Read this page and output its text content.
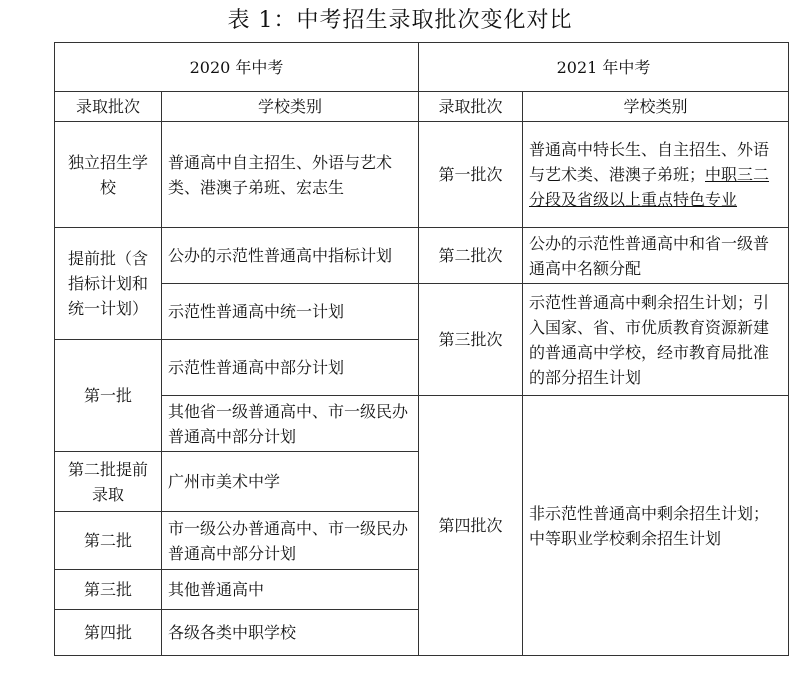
表 1：中考招生录取批次变化对比
2020 年中考		2021 年中考	
录取批次	学校类别	录取批次	学校类别
独立招生学校	普通高中自主招生、外语与艺术类、港澳子弟班、宏志生	第一批次	普通高中特长生、自主招生、外语与艺术类、港澳子弟班；中职三二分段及省级以上重点特色专业
提前批（含指标计划和统一计划）	公办的示范性普通高中指标计划	第二批次	公办的示范性普通高中和省一级普通高中名额分配
	示范性普通高中统一计划	第三批次	示范性普通高中剩余招生计划；引入国家、省、市优质教育资源新建的普通高中学校，经市教育局批准的部分招生计划
第一批	示范性普通高中部分计划		
	其他省一级普通高中、市一级民办普通高中部分计划	第四批次	非示范性普通高中剩余招生计划；中等职业学校剩余招生计划
第二批提前录取	广州市美术中学		
第二批	市一级公办普通高中、市一级民办普通高中部分计划		
第三批	其他普通高中		
第四批	各级各类中职学校		
